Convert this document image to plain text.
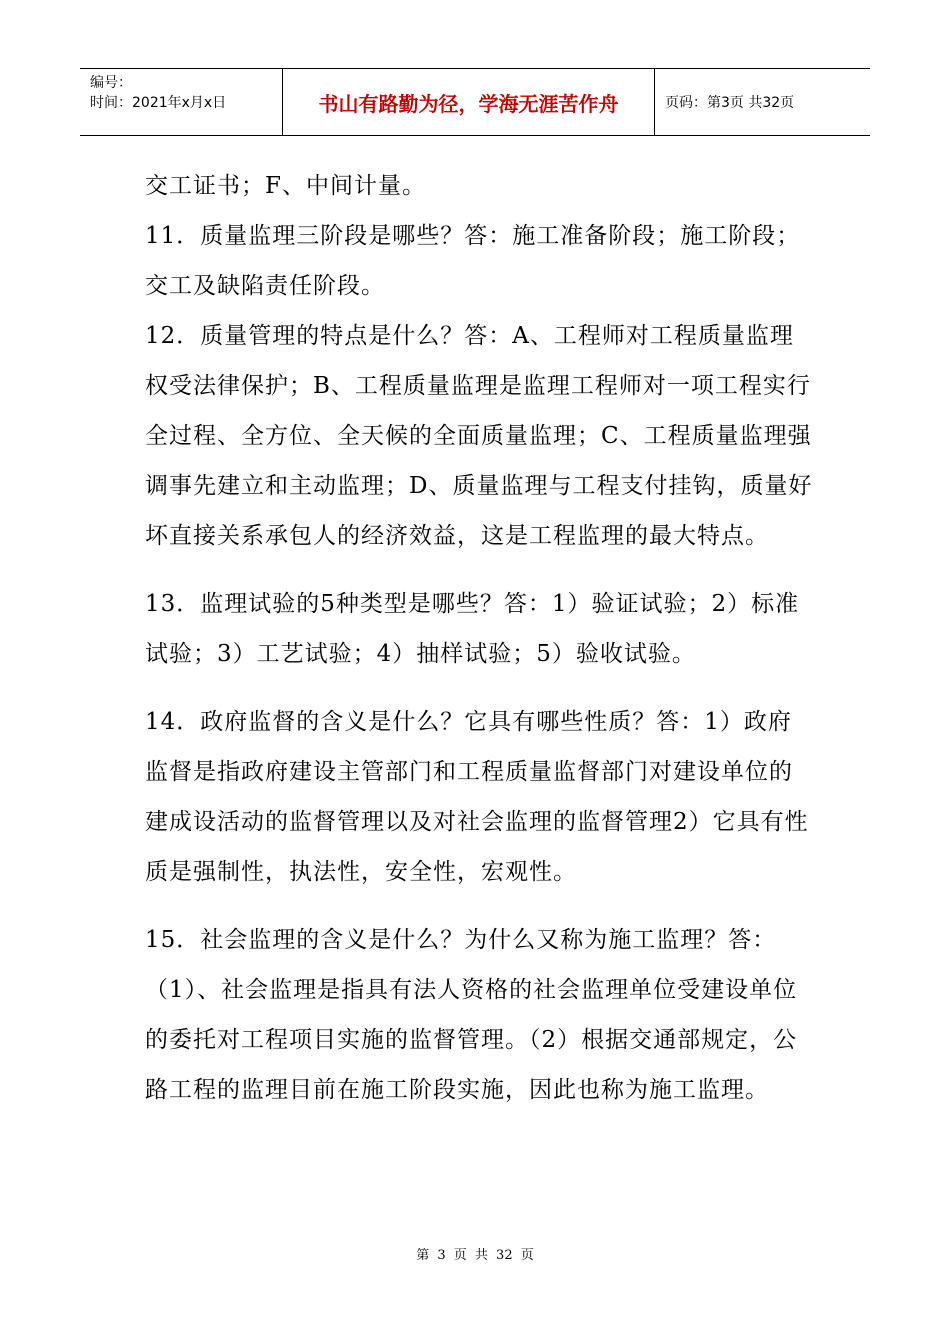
编号：
时间：2021年x月x日	书山有路勤为径，学海无涯苦作舟	页码：第3页 共32页

交工证书；F、中间计量。

11．质量监理三阶段是哪些？答：施工准备阶段；施工阶段；交工及缺陷责任阶段。

12．质量管理的特点是什么？答：A、工程师对工程质量监理权受法律保护；B、工程质量监理是监理工程师对一项工程实行全过程、全方位、全天候的全面质量监理；C、工程质量监理强调事先建立和主动监理；D、质量监理与工程支付挂钩，质量好坏直接关系承包人的经济效益，这是工程监理的最大特点。

13．监理试验的5种类型是哪些？答：1）验证试验；2）标准试验；3）工艺试验；4）抽样试验；5）验收试验。

14．政府监督的含义是什么？它具有哪些性质？答：1）政府监督是指政府建设主管部门和工程质量监督部门对建设单位的建成设活动的监督管理以及对社会监理的监督管理2）它具有性质是强制性，执法性，安全性，宏观性。

15．社会监理的含义是什么？为什么又称为施工监理？答：（1）、社会监理是指具有法人资格的社会监理单位受建设单位的委托对工程项目实施的监督管理。（2）根据交通部规定，公路工程的监理目前在施工阶段实施，因此也称为施工监理。

第 3 页 共 32 页
